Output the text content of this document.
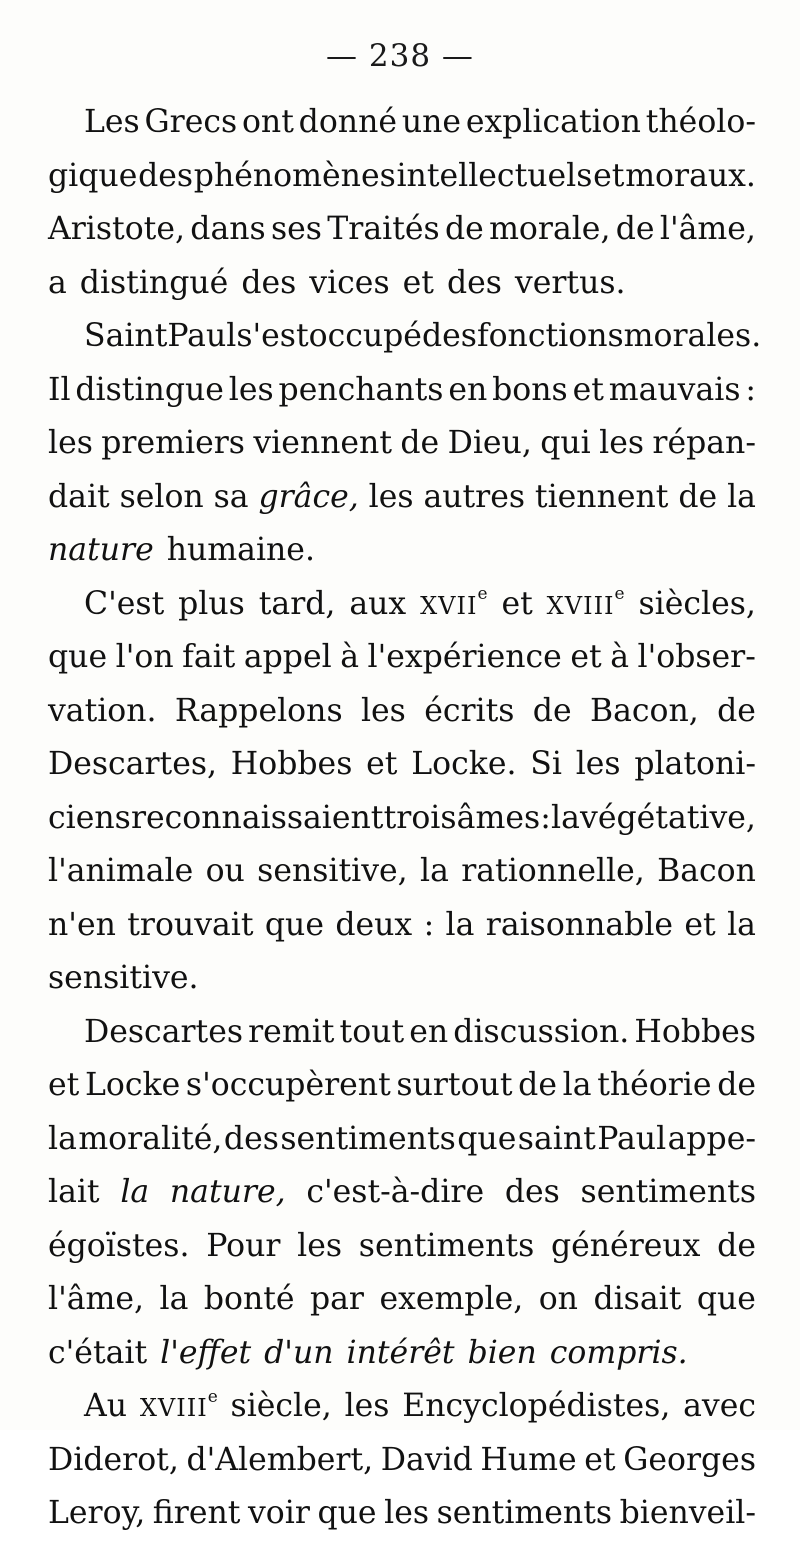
— 238 —
Les Grecs ont donné une explication théolo-
gique des phénomènes intellectuels et moraux.
Aristote, dans ses Traités de morale, de l'âme,
a distingué des vices et des vertus.
Saint Paul s'est occupé des fonctions morales.
Il distingue les penchants en bons et mauvais :
les premiers viennent de Dieu, qui les répan-
dait selon sa grâce, les autres tiennent de la
nature humaine.
C'est plus tard, aux XVIIe et XVIIIe siècles,
que l'on fait appel à l'expérience et à l'obser-
vation. Rappelons les écrits de Bacon, de
Descartes, Hobbes et Locke. Si les platoni-
ciens reconnaissaient trois âmes : la végétative,
l'animale ou sensitive, la rationnelle, Bacon
n'en trouvait que deux : la raisonnable et la
sensitive.
Descartes remit tout en discussion. Hobbes
et Locke s'occupèrent surtout de la théorie de
la moralité, des sentiments que saint Paul appe-
lait la nature, c'est-à-dire des sentiments
égoïstes. Pour les sentiments généreux de
l'âme, la bonté par exemple, on disait que
c'était l'effet d'un intérêt bien compris.
Au XVIIIe siècle, les Encyclopédistes, avec
Diderot, d'Alembert, David Hume et Georges
Leroy, firent voir que les sentiments bienveil-
